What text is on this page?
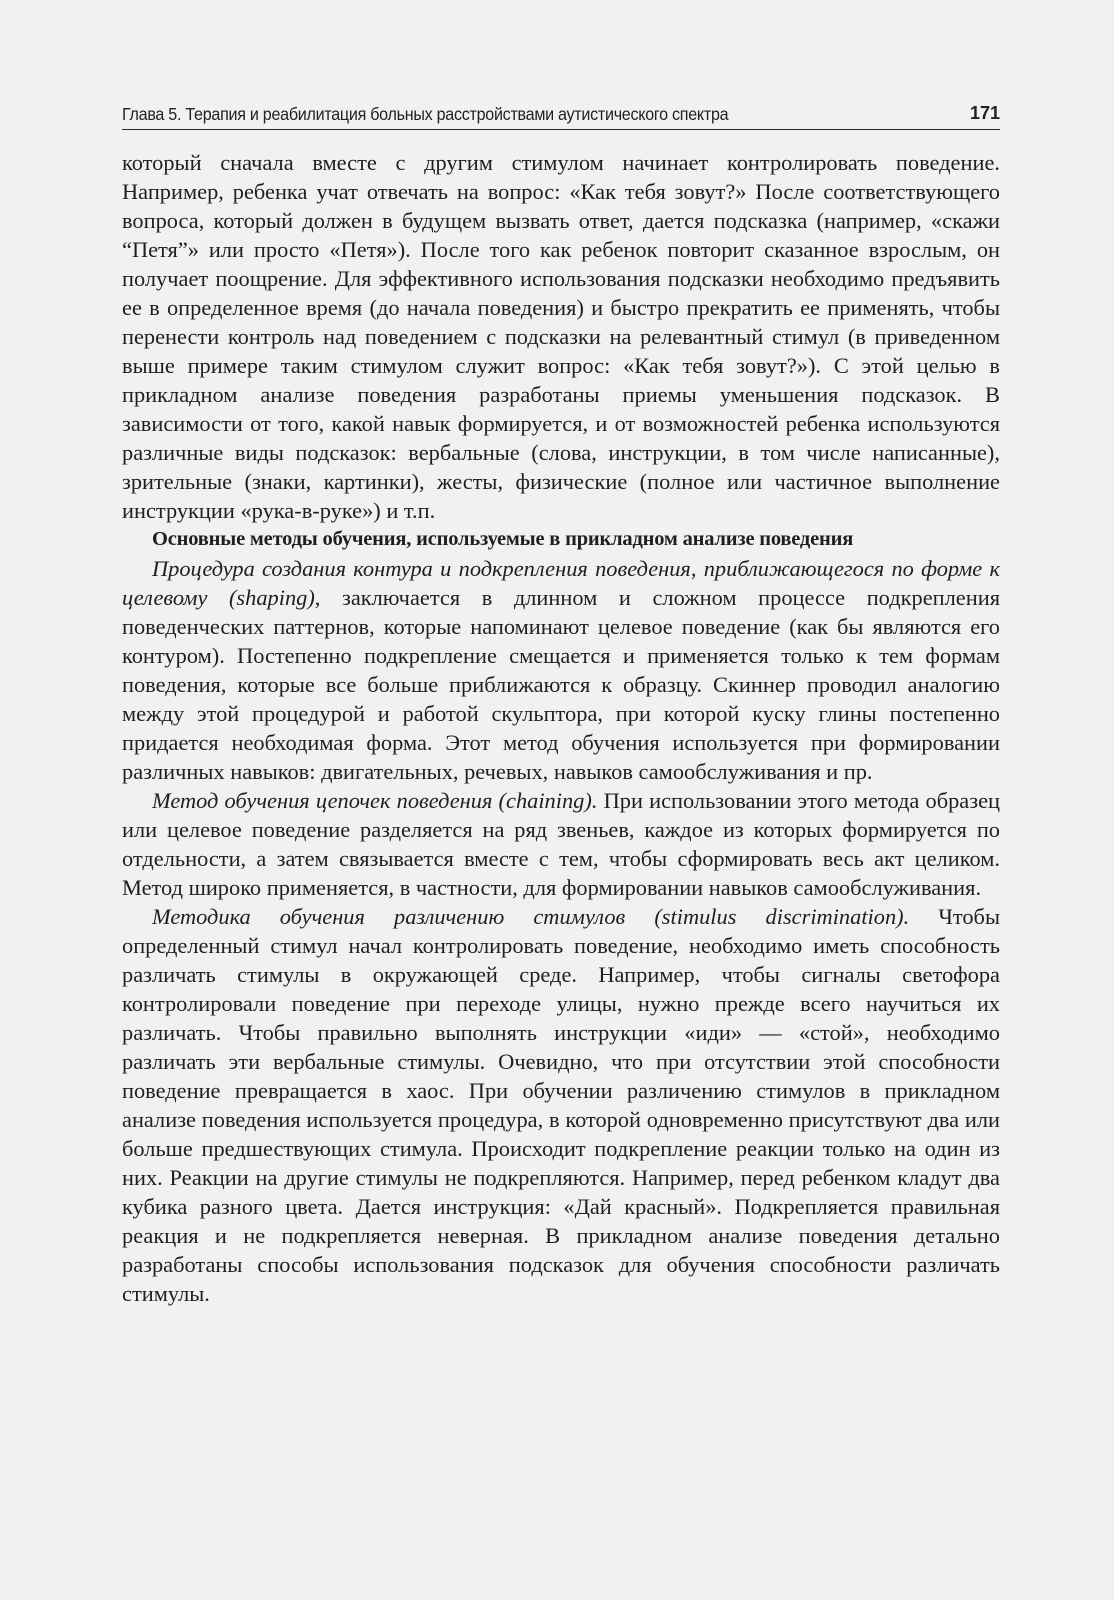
Глава 5. Терапия и реабилитация больных расстройствами аутистического спектра	171

который сначала вместе с другим стимулом начинает контролировать поведение. Например, ребенка учат отвечать на вопрос: «Как тебя зовут?» После соответствующего вопроса, который должен в будущем вызвать ответ, дается подсказка (например, «скажи “Петя”» или просто «Петя»). После того как ребенок повторит сказанное взрослым, он получает поощрение. Для эффективного использования подсказки необходимо предъявить ее в определенное время (до начала поведения) и быстро прекратить ее применять, чтобы перенести контроль над поведением с подсказки на релевантный стимул (в приведенном выше примере таким стимулом служит вопрос: «Как тебя зовут?»). С этой целью в прикладном анализе поведения разработаны приемы уменьшения подсказок. В зависимости от того, какой навык формируется, и от возможностей ребенка используются различные виды подсказок: вербальные (слова, инструкции, в том числе написанные), зрительные (знаки, картинки), жесты, физические (полное или частичное выполнение инструкции «рука-в-руке») и т.п.

Основные методы обучения, используемые в прикладном анализе поведения

Процедура создания контура и подкрепления поведения, приближающегося по форме к целевому (shaping), заключается в длинном и сложном процессе подкрепления поведенческих паттернов, которые напоминают целевое поведение (как бы являются его контуром). Постепенно подкрепление смещается и применяется только к тем формам поведения, которые все больше приближаются к образцу. Скиннер проводил аналогию между этой процедурой и работой скульптора, при которой куску глины постепенно придается необходимая форма. Этот метод обучения используется при формировании различных навыков: двигательных, речевых, навыков самообслуживания и пр.

Метод обучения цепочек поведения (chaining). При использовании этого метода образец или целевое поведение разделяется на ряд звеньев, каждое из которых формируется по отдельности, а затем связывается вместе с тем, чтобы сформировать весь акт целиком. Метод широко применяется, в частности, для формировании навыков самообслуживания.

Методика обучения различению стимулов (stimulus discrimination). Чтобы определенный стимул начал контролировать поведение, необходимо иметь способность различать стимулы в окружающей среде. Например, чтобы сигналы светофора контролировали поведение при переходе улицы, нужно прежде всего научиться их различать. Чтобы правильно выполнять инструкции «иди» — «стой», необходимо различать эти вербальные стимулы. Очевидно, что при отсутствии этой способности поведение превращается в хаос. При обучении различению стимулов в прикладном анализе поведения используется процедура, в которой одновременно присутствуют два или больше предшествующих стимула. Происходит подкрепление реакции только на один из них. Реакции на другие стимулы не подкрепляются. Например, перед ребенком кладут два кубика разного цвета. Дается инструкция: «Дай красный». Подкрепляется правильная реакция и не подкрепляется неверная. В прикладном анализе поведения детально разработаны способы использования подсказок для обучения способности различать стимулы.
